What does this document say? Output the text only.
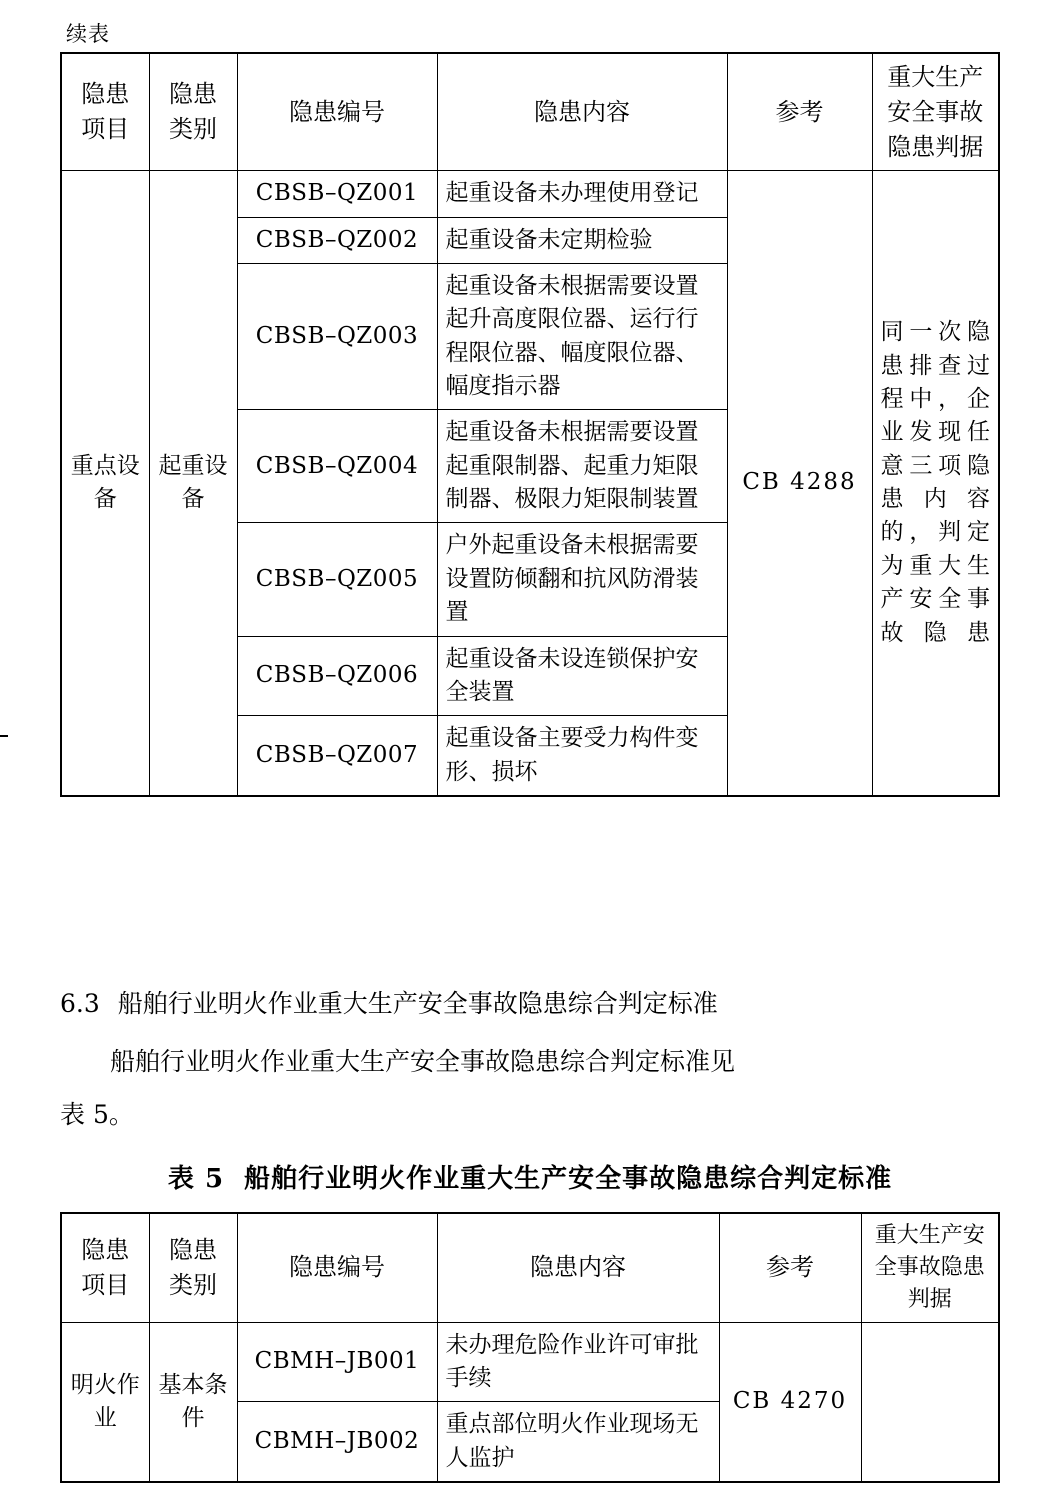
续表
隐患项目	隐患类别	隐患编号	隐患内容	参考	重大生产安全事故隐患判据

重点设备	起重设备	CBSB–QZ001	起重设备未办理使用登记	CB 4288	同一次隐患排查过程中，企业发现任意三项隐患内容的，判定为重大生产安全事故隐患
		CBSB–QZ002	起重设备未定期检验		
		CBSB–QZ003	起重设备未根据需要设置起升高度限位器、运行行程限位器、幅度限位器、幅度指示器		
		CBSB–QZ004	起重设备未根据需要设置起重限制器、起重力矩限制器、极限力矩限制装置		
		CBSB–QZ005	户外起重设备未根据需要设置防倾翻和抗风防滑装置		
		CBSB–QZ006	起重设备未设连锁保护安全装置		
		CBSB–QZ007	起重设备主要受力构件变形、损坏		
6.3 船舶行业明火作业重大生产安全事故隐患综合判定标准
船舶行业明火作业重大生产安全事故隐患综合判定标准见
表 5。
表 5 船舶行业明火作业重大生产安全事故隐患综合判定标准
隐患项目	隐患类别	隐患编号	隐患内容	参考	重大生产安全事故隐患判据

明火作业	基本条件	CBMH–JB001	未办理危险作业许可审批手续	CB 4270	
		CBMH–JB002	重点部位明火作业现场无人监护		
